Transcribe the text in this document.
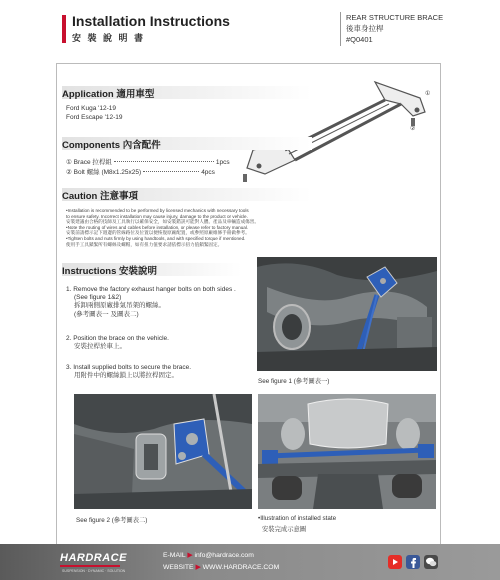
Installation Instructions
安 裝 說 明 書
REAR STRUCTURE BRACE
後車身拉桿
#Q0401
①
②
Application 適用車型
Ford Kuga '12-19
Ford Escape '12-19
Components 內含配件
① Brace 拉桿組	1pcs
② Bolt 螺絲 (M8x1.25x25)	4pcs
Caution 注意事項
•Installation is recommended to be performed by licensed mechanics with necessary tools
to ensure safety. Incorrect installation may cause injury, damage to the product or vehicle.
安裝建議由合格的技師及工具執行以確保安全，如安裝錯誤可能對人體、產品及車輛造成傷害。
•Note the routing of wires and cables before installation, or please refer to factory manual.
安裝前請標示記下週邊的管線路位及位置以便恢復原廠配置，或參照原廠維修手冊做參考。
•Tighten bolts and nuts firmly by using handtools, and with specified torque if mentioned.
使用手工具鎖緊所有螺絲及螺帽，如有扭力值要求請依標示扭力值鎖緊固定。
Instructions 安裝說明
1. Remove the factory exhaust hanger bolts on both sides .
(See figure 1&2)
拆卸兩側原廠排氣吊架的螺絲。
(參考圖表一 及圖表二)
2. Position the brace on the vehicle.
安裝拉桿於車上。
3. Install supplied bolts to secure the brace.
用附件中的螺絲鎖上以將拉桿固定。
See figure 1 (參考圖表一)
See figure 2 (參考圖表二)	•Illustration of installed state
安裝完成示意圖
HARDRACE
SUSPENSION · DYNAMIC · SOLUTION
E-MAIL ▶ info@hardrace.com
WEBSITE ▶ WWW.HARDRACE.COM
